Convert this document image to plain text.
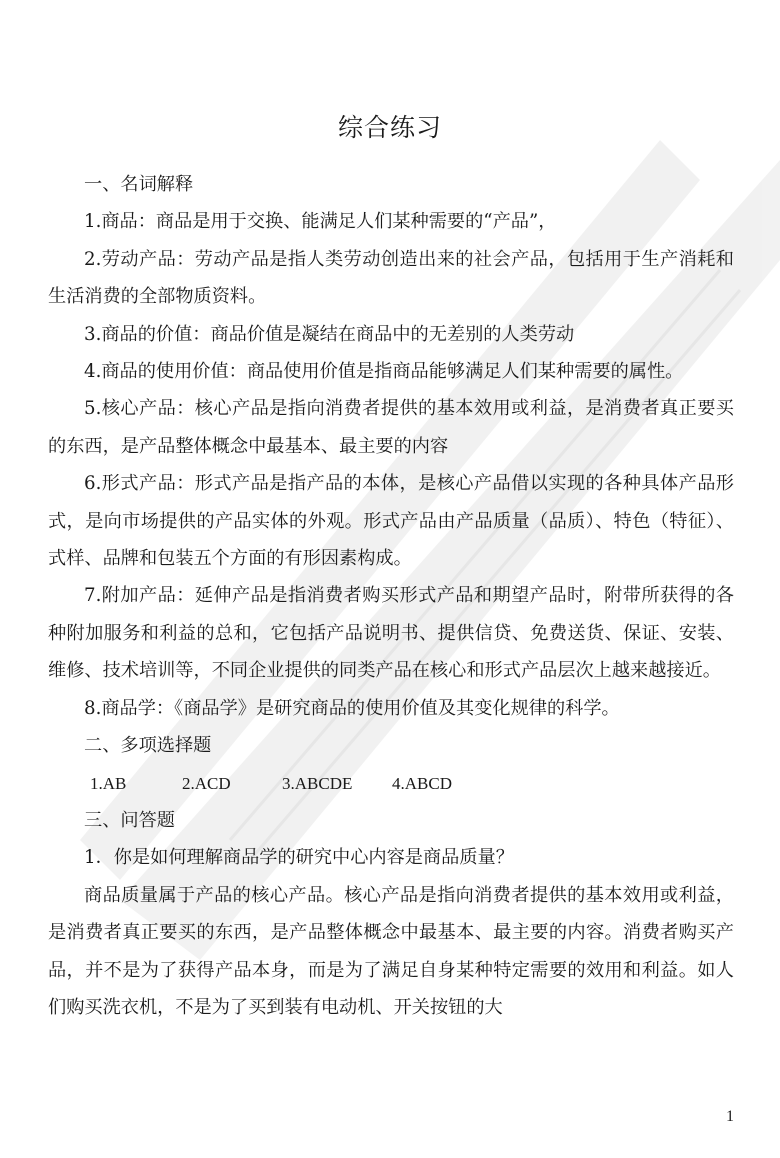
综合练习

一、名词解释

1.商品：商品是用于交换、能满足人们某种需要的“产品”，

2.劳动产品：劳动产品是指人类劳动创造出来的社会产品，包括用于生产消耗和生活消费的全部物质资料。

3.商品的价值：商品价值是凝结在商品中的无差别的人类劳动

4.商品的使用价值：商品使用价值是指商品能够满足人们某种需要的属性。

5.核心产品：核心产品是指向消费者提供的基本效用或利益，是消费者真正要买的东西，是产品整体概念中最基本、最主要的内容

6.形式产品：形式产品是指产品的本体，是核心产品借以实现的各种具体产品形式，是向市场提供的产品实体的外观。形式产品由产品质量（品质）、特色（特征）、式样、品牌和包装五个方面的有形因素构成。

7.附加产品：延伸产品是指消费者购买形式产品和期望产品时，附带所获得的各种附加服务和利益的总和，它包括产品说明书、提供信贷、免费送货、保证、安装、维修、技术培训等，不同企业提供的同类产品在核心和形式产品层次上越来越接近。

8.商品学：《商品学》是研究商品的使用价值及其变化规律的科学。

二、多项选择题

1.AB	2.ACD	3.ABCDE 4.ABCD

三、问答题

1．你是如何理解商品学的研究中心内容是商品质量？

商品质量属于产品的核心产品。核心产品是指向消费者提供的基本效用或利益，是消费者真正要买的东西，是产品整体概念中最基本、最主要的内容。消费者购买产品，并不是为了获得产品本身，而是为了满足自身某种特定需要的效用和利益。如人们购买洗衣机，不是为了买到装有电动机、开关按钮的大

1
